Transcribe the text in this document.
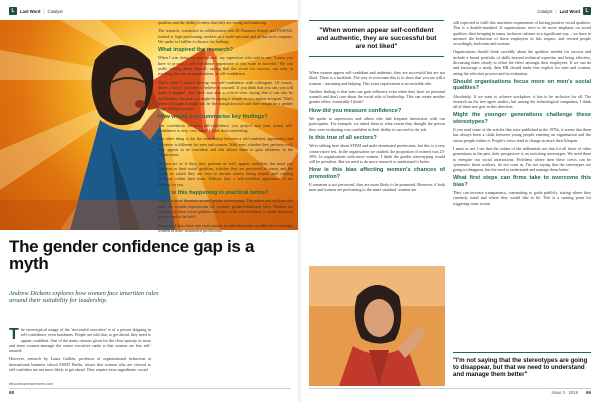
L	Last Word | Catalyst
The gender confidence gap is a myth
Andrew Dickens explores how women face unwritten rules around their suitability for leadership.

The stereotypical image of the 'successful executive' is of a person dripping in self-confidence, even brashness. People are told that, to get ahead, they need to appear confident. One of the many reasons given for the clear sparsity in more and more women amongst the senior executive ranks is that women are less self-assured.

However, research by Laura Guillén, professor of organisational behaviour at international business school ESMT Berlin, shows that women who are viewed as self-confident are not more likely to get ahead. They require extra ingredients: social

qualities and the ability to show that they are caring and nurturing.

The research, conducted in collaboration with IE Business School and INSEAD, looked at high-performing workers at a multi-national and global tech company. We spoke to Guillén to discuss the findings.

What inspired the research?

When I was doing my postdoctoral, my supervisor who said to me: "Laura, you have to project a self-confidence appearance if you want to succeed." He was really talking about himself, saying that the secret for success, not only in teaching, but also in organisations, is self-confidence.

That's when I started delving into self-confidence with colleagues. Of course, there's a lot of "you have to believe in yourself. If you think that you can, you will make it happen". But there was also a critical view saying that it can also be problematic, because you might be saying it simply as you appear arrogant. That's when I thought it might not be the straightforward and there might be a gender angle I'd like to study.

How would you summarise key findings?

The correlation between self-confidence you project and your actual self-confidence is very, very small. I think that's interesting.

The other thing is the the relationship between a self-confident appearance and influence is different for men and women. With men, whether they perform well, they appear to be confident and this allows them to gain influence in the organisation.

Women act as if they, they perform as well, appear confident, but must pay attention to their social qualities, whether they are perceived as warm, and the extent to which they are seen to nurture others, being helpful and creating harmony within their team. Without that, a self-confident appearance is not helping for you.

Why is this happening in practical terms?

There's a lot of literature around gender stereotyping. The notion and attribute that there are certain expectations for women: gender-traditional roles. Women are expected to have social qualities and men to be self-confident, to make decisions quickly and to be bold.

Because of that, these role expectations are prevalent and can affect how we judge women in male-dominated professions.

ebscobusinessreview.com
68
Catalyst | Last Word	L
"When women appear self-confident and authentic, they are successful but are not liked"

When women appear self-confident and authentic, they are successful but are not liked. There is a backlash. The way to overcome this is to show that you are still a woman – nurturing and helping. This extra requirement is an invisible rule.

Another finding is that men can gain influence even when they have no personal warmth and don't care about the social side of leadership. This can create another gender effect, essentially I think?

How did you measure confidence?

We spoke to supervisors and others who had frequent interaction with our participants. For example, we asked them to what extent they thought the person they were evaluating was confident in their ability to succeed in the job.

Is this true of all sectors?

We're talking here about STEM and male-dominated professions, but this is a very conservative test. In the organisation we studied, the proportion of women was 25-30%. In organisations with more women, I think the gender stereotyping would still be prevalent. But we need to do more research to understand it better.

How is this bias affecting women's chances of promotion?

If someone is not perceived, they are more likely to be promoted. However, if both men and women are performing to the same standard, women are

still expected to fulfil this unwritten requirement of having positive social qualities. This is a double-standard. If organisations were to do more emphasis on social qualities, then bringing in many inclusive cultures in a significant way – we have to measure the behaviour of those employees in this respect, and reward people accordingly, both men and women.

Organisations should think carefully about the qualities needed for success and include a broad portfolio of skills beyond technical expertise and being effective, discussing them clearly to offset the effect amongst their employees. If we can do and encourage a study, then HR should make this explicit for men and women, rating the selection process and its evaluation.

Should organisations focus more on men's social qualities?

Absolutely. If we want to achieve workplace, it has to be inclusive for all. The research on the tree agree studies, but among the technological companies, I think all of these tree gets in this direction.

Might the younger generations challenge these stereotypes?

If you read some of the articles that were published in the 1970s, it seems that there has always been a clash between young people entering an organisation and the senior people within it. People's views tend to change as more their lifespan.

I must or not I see that the values of the millennials are that for all those of other generations in the past, their perspective is on switching stereotypes. We need them to energise our social interactions. Problems where then these crews can be systematic those workers, do not want as, I'm not saying that the stereotypes are going to disappear, but the need to understand and manage them better.

What first steps can firms take to overcome this bias?

They can increase transparency, committing to goals publicly, stating where they currently stand and where they would like to be. This is a starting point for triggering some action.

"I'm not saying that the stereotypes are going to disappear, but that we need to understand and manage them better"
Issue 3 · 2019 69
